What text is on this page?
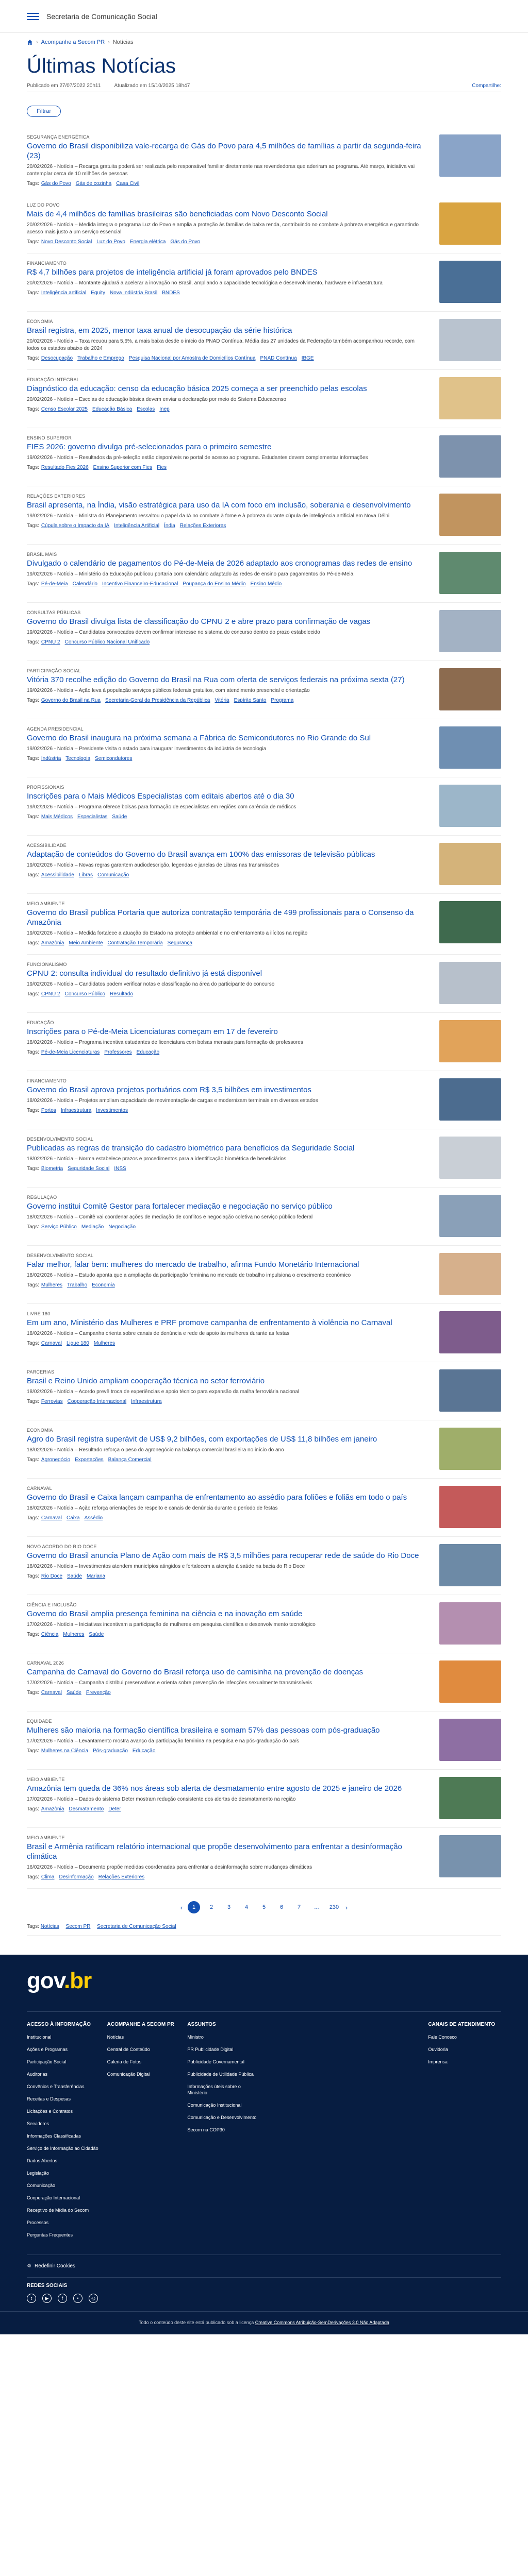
Secretaria de Comunicação Social
› Acompanhe a Secom PR › Notícias
Últimas Notícias
Publicado em 27/07/2022 20h11	Atualizado em 15/10/2025 18h47	Compartilhe:
Filtrar
SEGURANÇA ENERGÉTICA
Governo do Brasil disponibiliza vale-recarga de Gás do Povo para 4,5 milhões de famílias a partir da segunda-feira (23)
20/02/2026 - Notícia – Recarga gratuita poderá ser realizada pelo responsável familiar diretamente nas revendedoras que aderiram ao programa. Até março, iniciativa vai contemplar cerca de 10 milhões de pessoas
Tags: Gás do Povo Gás de cozinha Casa Civil
LUZ DO POVO
Mais de 4,4 milhões de famílias brasileiras são beneficiadas com Novo Desconto Social
20/02/2026 - Notícia – Medida integra o programa Luz do Povo e amplia a proteção às famílias de baixa renda, contribuindo no combate à pobreza energética e garantindo acesso mais justo a um serviço essencial
Tags: Novo Desconto Social Luz do Povo Energia elétrica Gás do Povo
FINANCIAMENTO
R$ 4,7 bilhões para projetos de inteligência artificial já foram aprovados pelo BNDES
20/02/2026 - Notícia – Montante ajudará a acelerar a inovação no Brasil, ampliando a capacidade tecnológica e desenvolvimento, hardware e infraestrutura
Tags: Inteligência artificial Equity Nova Indústria Brasil BNDES
ECONOMIA
Brasil registra, em 2025, menor taxa anual de desocupação da série histórica
20/02/2026 - Notícia – Taxa recuou para 5,6%, a mais baixa desde o início da PNAD Contínua. Média das 27 unidades da Federação também acompanhou recorde, com todos os estados abaixo de 2024
Tags: Desocupação Trabalho e Emprego Pesquisa Nacional por Amostra de Domicílios Contínua PNAD Contínua IBGE
EDUCAÇÃO INTEGRAL
Diagnóstico da educação: censo da educação básica 2025 começa a ser preenchido pelas escolas
20/02/2026 - Notícia – Escolas de educação básica devem enviar a declaração por meio do Sistema Educacenso
Tags: Censo Escolar 2025 Educação Básica Escolas Inep
ENSINO SUPERIOR
FIES 2026: governo divulga pré-selecionados para o primeiro semestre
19/02/2026 - Notícia – Resultados da pré-seleção estão disponíveis no portal de acesso ao programa. Estudantes devem complementar informações
Tags: Resultado Fies 2026 Ensino Superior com Fies Fies
RELAÇÕES EXTERIORES
Brasil apresenta, na Índia, visão estratégica para uso da IA com foco em inclusão, soberania e desenvolvimento
19/02/2026 - Notícia – Ministra do Planejamento ressaltou o papel da IA no combate à fome e à pobreza durante cúpula de inteligência artificial em Nova Délhi
Tags: Cúpula sobre o Impacto da IA Inteligência Artificial Índia Relações Exteriores
BRASIL MAIS
Divulgado o calendário de pagamentos do Pé-de-Meia de 2026 adaptado aos cronogramas das redes de ensino
19/02/2026 - Notícia – Ministério da Educação publicou portaria com calendário adaptado às redes de ensino para pagamentos do Pé-de-Meia
Tags: Pé-de-Meia Calendário Incentivo Financeiro-Educacional Poupança do Ensino Médio Ensino Médio
CONSULTAS PÚBLICAS
Governo do Brasil divulga lista de classificação do CPNU 2 e abre prazo para confirmação de vagas
19/02/2026 - Notícia – Candidatos convocados devem confirmar interesse no sistema do concurso dentro do prazo estabelecido
Tags: CPNU 2 Concurso Público Nacional Unificado
PARTICIPAÇÃO SOCIAL
Vitória 370 recolhe edição do Governo do Brasil na Rua com oferta de serviços federais na próxima sexta (27)
19/02/2026 - Notícia – Ação leva à população serviços públicos federais gratuitos, com atendimento presencial e orientação
Tags: Governo do Brasil na Rua Secretaria-Geral da Presidência da República Vitória Espírito Santo Programa
AGENDA PRESIDENCIAL
Governo do Brasil inaugura na próxima semana a Fábrica de Semicondutores no Rio Grande do Sul
19/02/2026 - Notícia – Presidente visita o estado para inaugurar investimentos da indústria de tecnologia
Tags: Indústria Tecnologia Semicondutores
PROFISSIONAIS
Inscrições para o Mais Médicos Especialistas com editais abertos até o dia 30
19/02/2026 - Notícia – Programa oferece bolsas para formação de especialistas em regiões com carência de médicos
Tags: Mais Médicos Especialistas Saúde
ACESSIBILIDADE
Adaptação de conteúdos do Governo do Brasil avança em 100% das emissoras de televisão públicas
19/02/2026 - Notícia – Novas regras garantem audiodescrição, legendas e janelas de Libras nas transmissões
Tags: Acessibilidade Libras Comunicação
MEIO AMBIENTE
Governo do Brasil publica Portaria que autoriza contratação temporária de 499 profissionais para o Consenso da Amazônia
19/02/2026 - Notícia – Medida fortalece a atuação do Estado na proteção ambiental e no enfrentamento a ilícitos na região
Tags: Amazônia Meio Ambiente Contratação Temporária Segurança
FUNCIONALISMO
CPNU 2: consulta individual do resultado definitivo já está disponível
19/02/2026 - Notícia – Candidatos podem verificar notas e classificação na área do participante do concurso
Tags: CPNU 2 Concurso Público Resultado
EDUCAÇÃO
Inscrições para o Pé-de-Meia Licenciaturas começam em 17 de fevereiro
18/02/2026 - Notícia – Programa incentiva estudantes de licenciatura com bolsas mensais para formação de professores
Tags: Pé-de-Meia Licenciaturas Professores Educação
FINANCIAMENTO
Governo do Brasil aprova projetos portuários com R$ 3,5 bilhões em investimentos
18/02/2026 - Notícia – Projetos ampliam capacidade de movimentação de cargas e modernizam terminais em diversos estados
Tags: Portos Infraestrutura Investimentos
DESENVOLVIMENTO SOCIAL
Publicadas as regras de transição do cadastro biométrico para benefícios da Seguridade Social
18/02/2026 - Notícia – Norma estabelece prazos e procedimentos para a identificação biométrica de beneficiários
Tags: Biometria Seguridade Social INSS
REGULAÇÃO
Governo institui Comitê Gestor para fortalecer mediação e negociação no serviço público
18/02/2026 - Notícia – Comitê vai coordenar ações de mediação de conflitos e negociação coletiva no serviço público federal
Tags: Serviço Público Mediação Negociação
DESENVOLVIMENTO SOCIAL
Falar melhor, falar bem: mulheres do mercado de trabalho, afirma Fundo Monetário Internacional
18/02/2026 - Notícia – Estudo aponta que a ampliação da participação feminina no mercado de trabalho impulsiona o crescimento econômico
Tags: Mulheres Trabalho Economia
LIVRE 180
Em um ano, Ministério das Mulheres e PRF promove campanha de enfrentamento à violência no Carnaval
18/02/2026 - Notícia – Campanha orienta sobre canais de denúncia e rede de apoio às mulheres durante as festas
Tags: Carnaval Ligue 180 Mulheres
PARCERIAS
Brasil e Reino Unido ampliam cooperação técnica no setor ferroviário
18/02/2026 - Notícia – Acordo prevê troca de experiências e apoio técnico para expansão da malha ferroviária nacional
Tags: Ferrovias Cooperação Internacional Infraestrutura
ECONOMIA
Agro do Brasil registra superávit de US$ 9,2 bilhões, com exportações de US$ 11,8 bilhões em janeiro
18/02/2026 - Notícia – Resultado reforça o peso do agronegócio na balança comercial brasileira no início do ano
Tags: Agronegócio Exportações Balança Comercial
CARNAVAL
Governo do Brasil e Caixa lançam campanha de enfrentamento ao assédio para foliões e foliãs em todo o país
18/02/2026 - Notícia – Ação reforça orientações de respeito e canais de denúncia durante o período de festas
Tags: Carnaval Caixa Assédio
NOVO ACORDO DO RIO DOCE
Governo do Brasil anuncia Plano de Ação com mais de R$ 3,5 milhões para recuperar rede de saúde do Rio Doce
18/02/2026 - Notícia – Investimentos atendem municípios atingidos e fortalecem a atenção à saúde na bacia do Rio Doce
Tags: Rio Doce Saúde Mariana
CIÊNCIA E INCLUSÃO
Governo do Brasil amplia presença feminina na ciência e na inovação em saúde
17/02/2026 - Notícia – Iniciativas incentivam a participação de mulheres em pesquisa científica e desenvolvimento tecnológico
Tags: Ciência Mulheres Saúde
CARNAVAL 2026
Campanha de Carnaval do Governo do Brasil reforça uso de camisinha na prevenção de doenças
17/02/2026 - Notícia – Campanha distribui preservativos e orienta sobre prevenção de infecções sexualmente transmissíveis
Tags: Carnaval Saúde Prevenção
EQUIDADE
Mulheres são maioria na formação científica brasileira e somam 57% das pessoas com pós-graduação
17/02/2026 - Notícia – Levantamento mostra avanço da participação feminina na pesquisa e na pós-graduação do país
Tags: Mulheres na Ciência Pós-graduação Educação
MEIO AMBIENTE
Amazônia tem queda de 36% nos áreas sob alerta de desmatamento entre agosto de 2025 e janeiro de 2026
17/02/2026 - Notícia – Dados do sistema Deter mostram redução consistente dos alertas de desmatamento na região
Tags: Amazônia Desmatamento Deter
MEIO AMBIENTE
Brasil e Armênia ratificam relatório internacional que propõe desenvolvimento para enfrentar a desinformação climática
16/02/2026 - Notícia – Documento propõe medidas coordenadas para enfrentar a desinformação sobre mudanças climáticas
Tags: Clima Desinformação Relações Exteriores
‹	1	2	3	4	5	6	7	...	230 ›
Tags: Notícias Secom PR Secretaria de Comunicação Social
gov.br
ACESSO À INFORMAÇÃO
Institucional
Ações e Programas
Participação Social
Auditorias
Convênios e Transferências
Receitas e Despesas
Licitações e Contratos
Servidores
Informações Classificadas
Serviço de Informação ao Cidadão
Dados Abertos
Legislação
Comunicação
Cooperação Internacional
Receptivo de Mídia do Secom
Processos
Perguntas Frequentes
ACOMPANHE A SECOM PR
Notícias
Central de Conteúdo
Galeria de Fotos
Comunicação Digital
ASSUNTOS
Ministro
PR Publicidade Digital
Publicidade Governamental
Publicidade de Utilidade Pública
Informações úteis sobre o Ministério
Comunicação Institucional
Comunicação e Desenvolvimento
Secom na COP30
CANAIS DE ATENDIMENTO
Fale Conosco
Ouvidoria
Imprensa
⚙ Redefinir Cookies
REDES SOCIAIS
t	▶	f	•	◎
Todo o conteúdo deste site está publicado sob a licença Creative Commons Atribuição-SemDerivações 3.0 Não Adaptada
